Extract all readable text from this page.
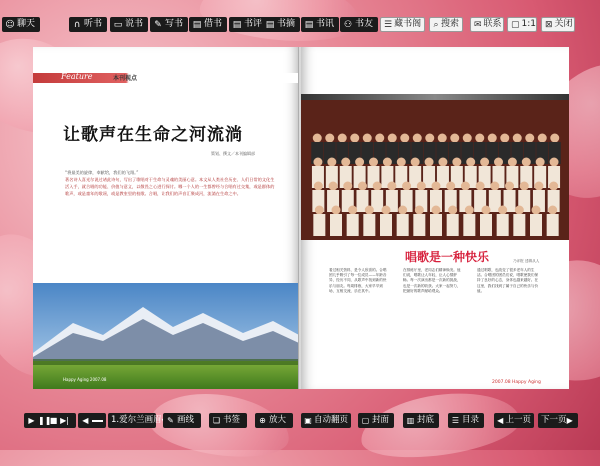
☺ 聊天	∩ 听书 ▭ 说书 ✎ 写书 ▤ 借书 ▤ 书评 ▤ 书摘 ▤ 书讯 ⚇ 书友 ☰ 藏书阁 ⌕ 搜索 ✉ 联系 ▢ 1:1 ⊠ 关闭
Feature	本刊视点
让歌声在生命之河流淌
策划、撰文／本刊编辑部
“将最美的旋律，奉献给，我们的飞翔。”
著名诗人喜光尔说过诸此诗句，写出了歌唱对于生命与灵魂的美丽心意。本文从人类社会历史、人们日常的文化生活入手，就合唱的功能、价值与意义，以敬畏之心进行探讨。哪一个人的一生都曾经与合唱有过交集，或是群体的歌声，或是童年的歌谣，或是教室里的校歌。合唱，让我们的声音汇聚成河，流淌在生命之中。
Happy Aging 2007.08
唱歌是一种快乐	乃评报 述辑从人
看过相关资料，是令人欣喜的。合唱团几乎吸引了每一位成员——年龄各异，经历不同，从歌声中找到新的快乐与朋友。每周排练，大家早早到场，互相交流，乐在其中。
在排练厅里，老同志们精神焕发。他们说，唱歌让人年轻，让人心情舒畅。每一次演出都是一次新的挑战，也是一次新的收获。大家一起努力，把最好的歌声献给观众。
通过唱歌，也改变了很多老年人的生活。合唱团的团员们说，唱歌使我们保持了良好的心态，身体也越来越好。在这里，我们找到了属于自己的快乐与价值。
2007.08 Happy Aging
▶ ❚❚
■ ▶| ◀	1.爱尔兰画眉 ✎ 画线 ❏ 书签 ⊕ 放大 ▣ 自动翻页 ▢ 封面 ▥ 封底 ☰ 目录 ◀ 上一页 下一页 ▶
